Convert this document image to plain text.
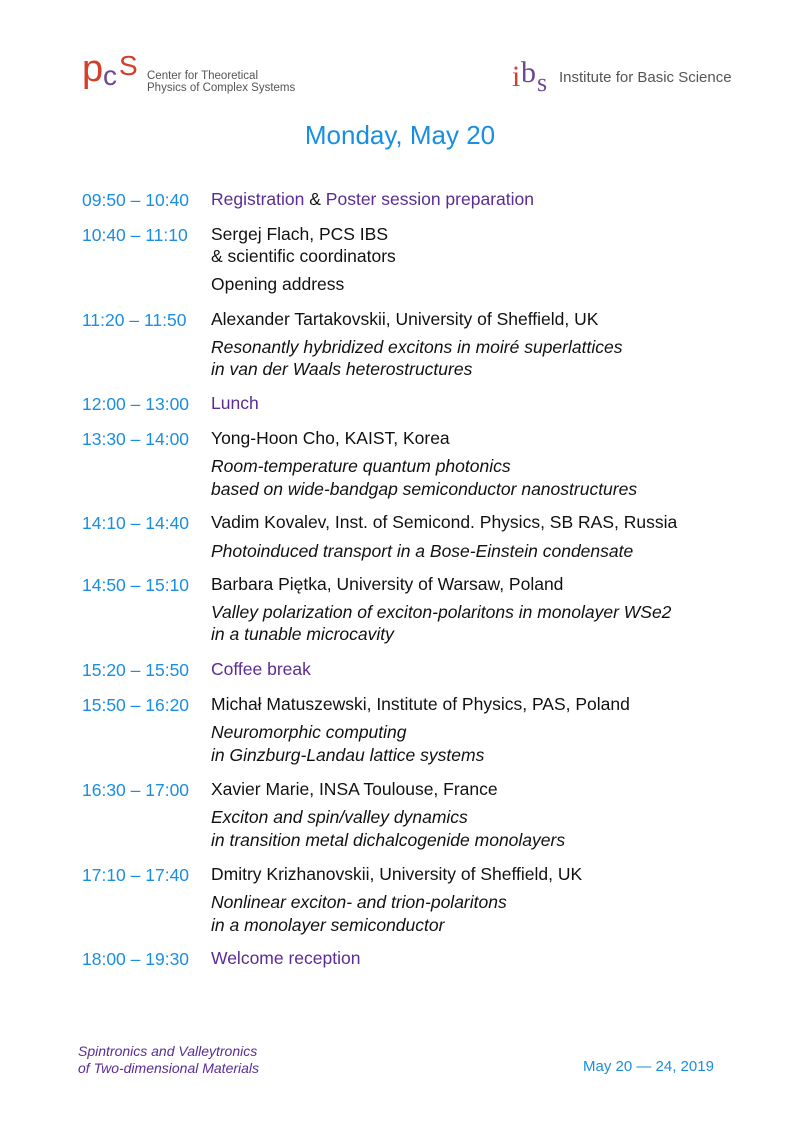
p c S Center for Theoretical
Physics of Complex Systems	i b s Institute for Basic Science
Monday, May 20
09:50 – 10:40 Registration & Poster session preparation
10:40 – 11:10 Sergej Flach, PCS IBS
& scientific coordinators
Opening address
11:20 – 11:50 Alexander Tartakovskii, University of Sheffield, UK
Resonantly hybridized excitons in moiré superlattices
in van der Waals heterostructures
12:00 – 13:00 Lunch
13:30 – 14:00 Yong-Hoon Cho, KAIST, Korea
Room-temperature quantum photonics
based on wide-bandgap semiconductor nanostructures
14:10 – 14:40 Vadim Kovalev, Inst. of Semicond. Physics, SB RAS, Russia
Photoinduced transport in a Bose-Einstein condensate
14:50 – 15:10 Barbara Piętka, University of Warsaw, Poland
Valley polarization of exciton-polaritons in monolayer WSe2
in a tunable microcavity
15:20 – 15:50 Coffee break
15:50 – 16:20 Michał Matuszewski, Institute of Physics, PAS, Poland
Neuromorphic computing
in Ginzburg-Landau lattice systems
16:30 – 17:00 Xavier Marie, INSA Toulouse, France
Exciton and spin/valley dynamics
in transition metal dichalcogenide monolayers
17:10 – 17:40 Dmitry Krizhanovskii, University of Sheffield, UK
Nonlinear exciton- and trion-polaritons
in a monolayer semiconductor
18:00 – 19:30 Welcome reception
Spintronics and Valleytronics
of Two-dimensional Materials	May 20 — 24, 2019
